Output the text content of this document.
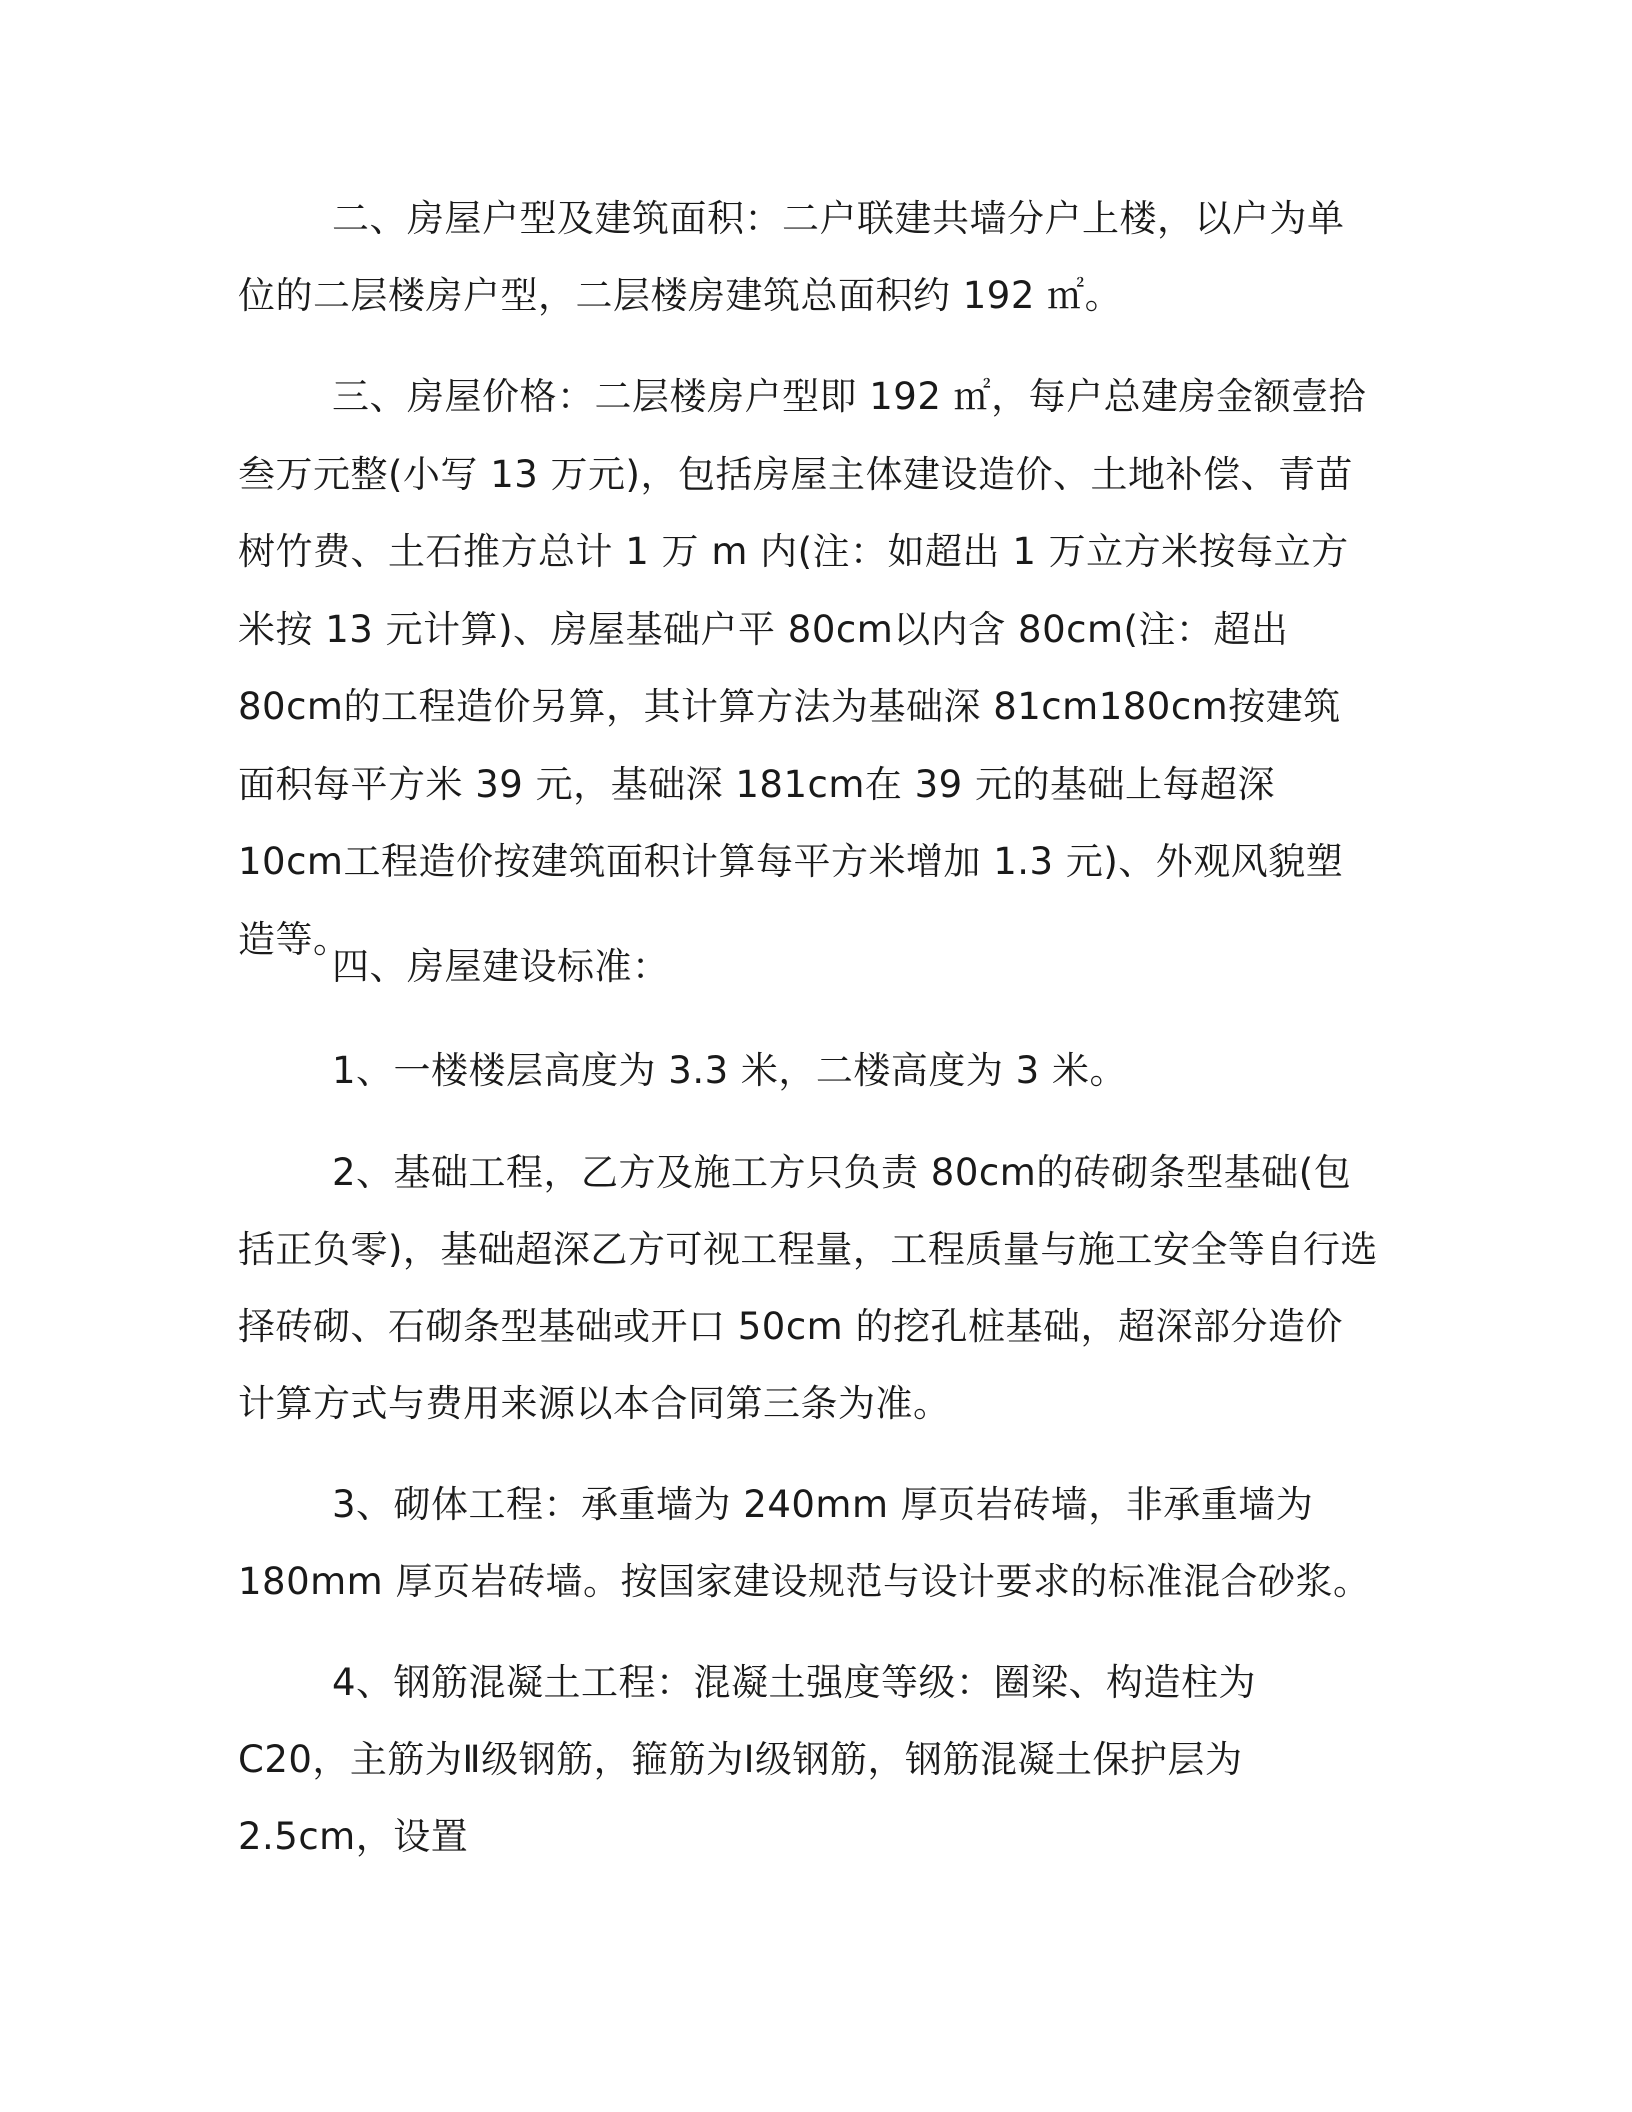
二、房屋户型及建筑面积：二户联建共墙分户上楼，以户为单位的二层楼房户型，二层楼房建筑总面积约 192 ㎡。

三、房屋价格：二层楼房户型即 192 ㎡，每户总建房金额壹拾叁万元整(小写 13 万元)，包括房屋主体建设造价、土地补偿、青苗树竹费、土石推方总计 1 万 m 内(注：如超出 1 万立方米按每立方米按 13 元计算)、房屋基础户平 80cm以内含 80cm(注：超出 80cm的工程造价另算，其计算方法为基础深 81cm180cm按建筑面积每平方米 39 元，基础深 181cm在 39 元的基础上每超深 10cm工程造价按建筑面积计算每平方米增加 1.3 元)、外观风貌塑造等。

四、房屋建设标准：

1、一楼楼层高度为 3.3 米，二楼高度为 3 米。

2、基础工程，乙方及施工方只负责 80cm的砖砌条型基础(包括正负零)，基础超深乙方可视工程量，工程质量与施工安全等自行选择砖砌、石砌条型基础或开口 50cm 的挖孔桩基础，超深部分造价计算方式与费用来源以本合同第三条为准。

3、砌体工程：承重墙为 240mm 厚页岩砖墙，非承重墙为 180mm 厚页岩砖墙。按国家建设规范与设计要求的标准混合砂浆。

4、钢筋混凝土工程：混凝土强度等级：圈梁、构造柱为 C20，主筋为Ⅱ级钢筋，箍筋为Ⅰ级钢筋，钢筋混凝土保护层为 2.5cm，设置
